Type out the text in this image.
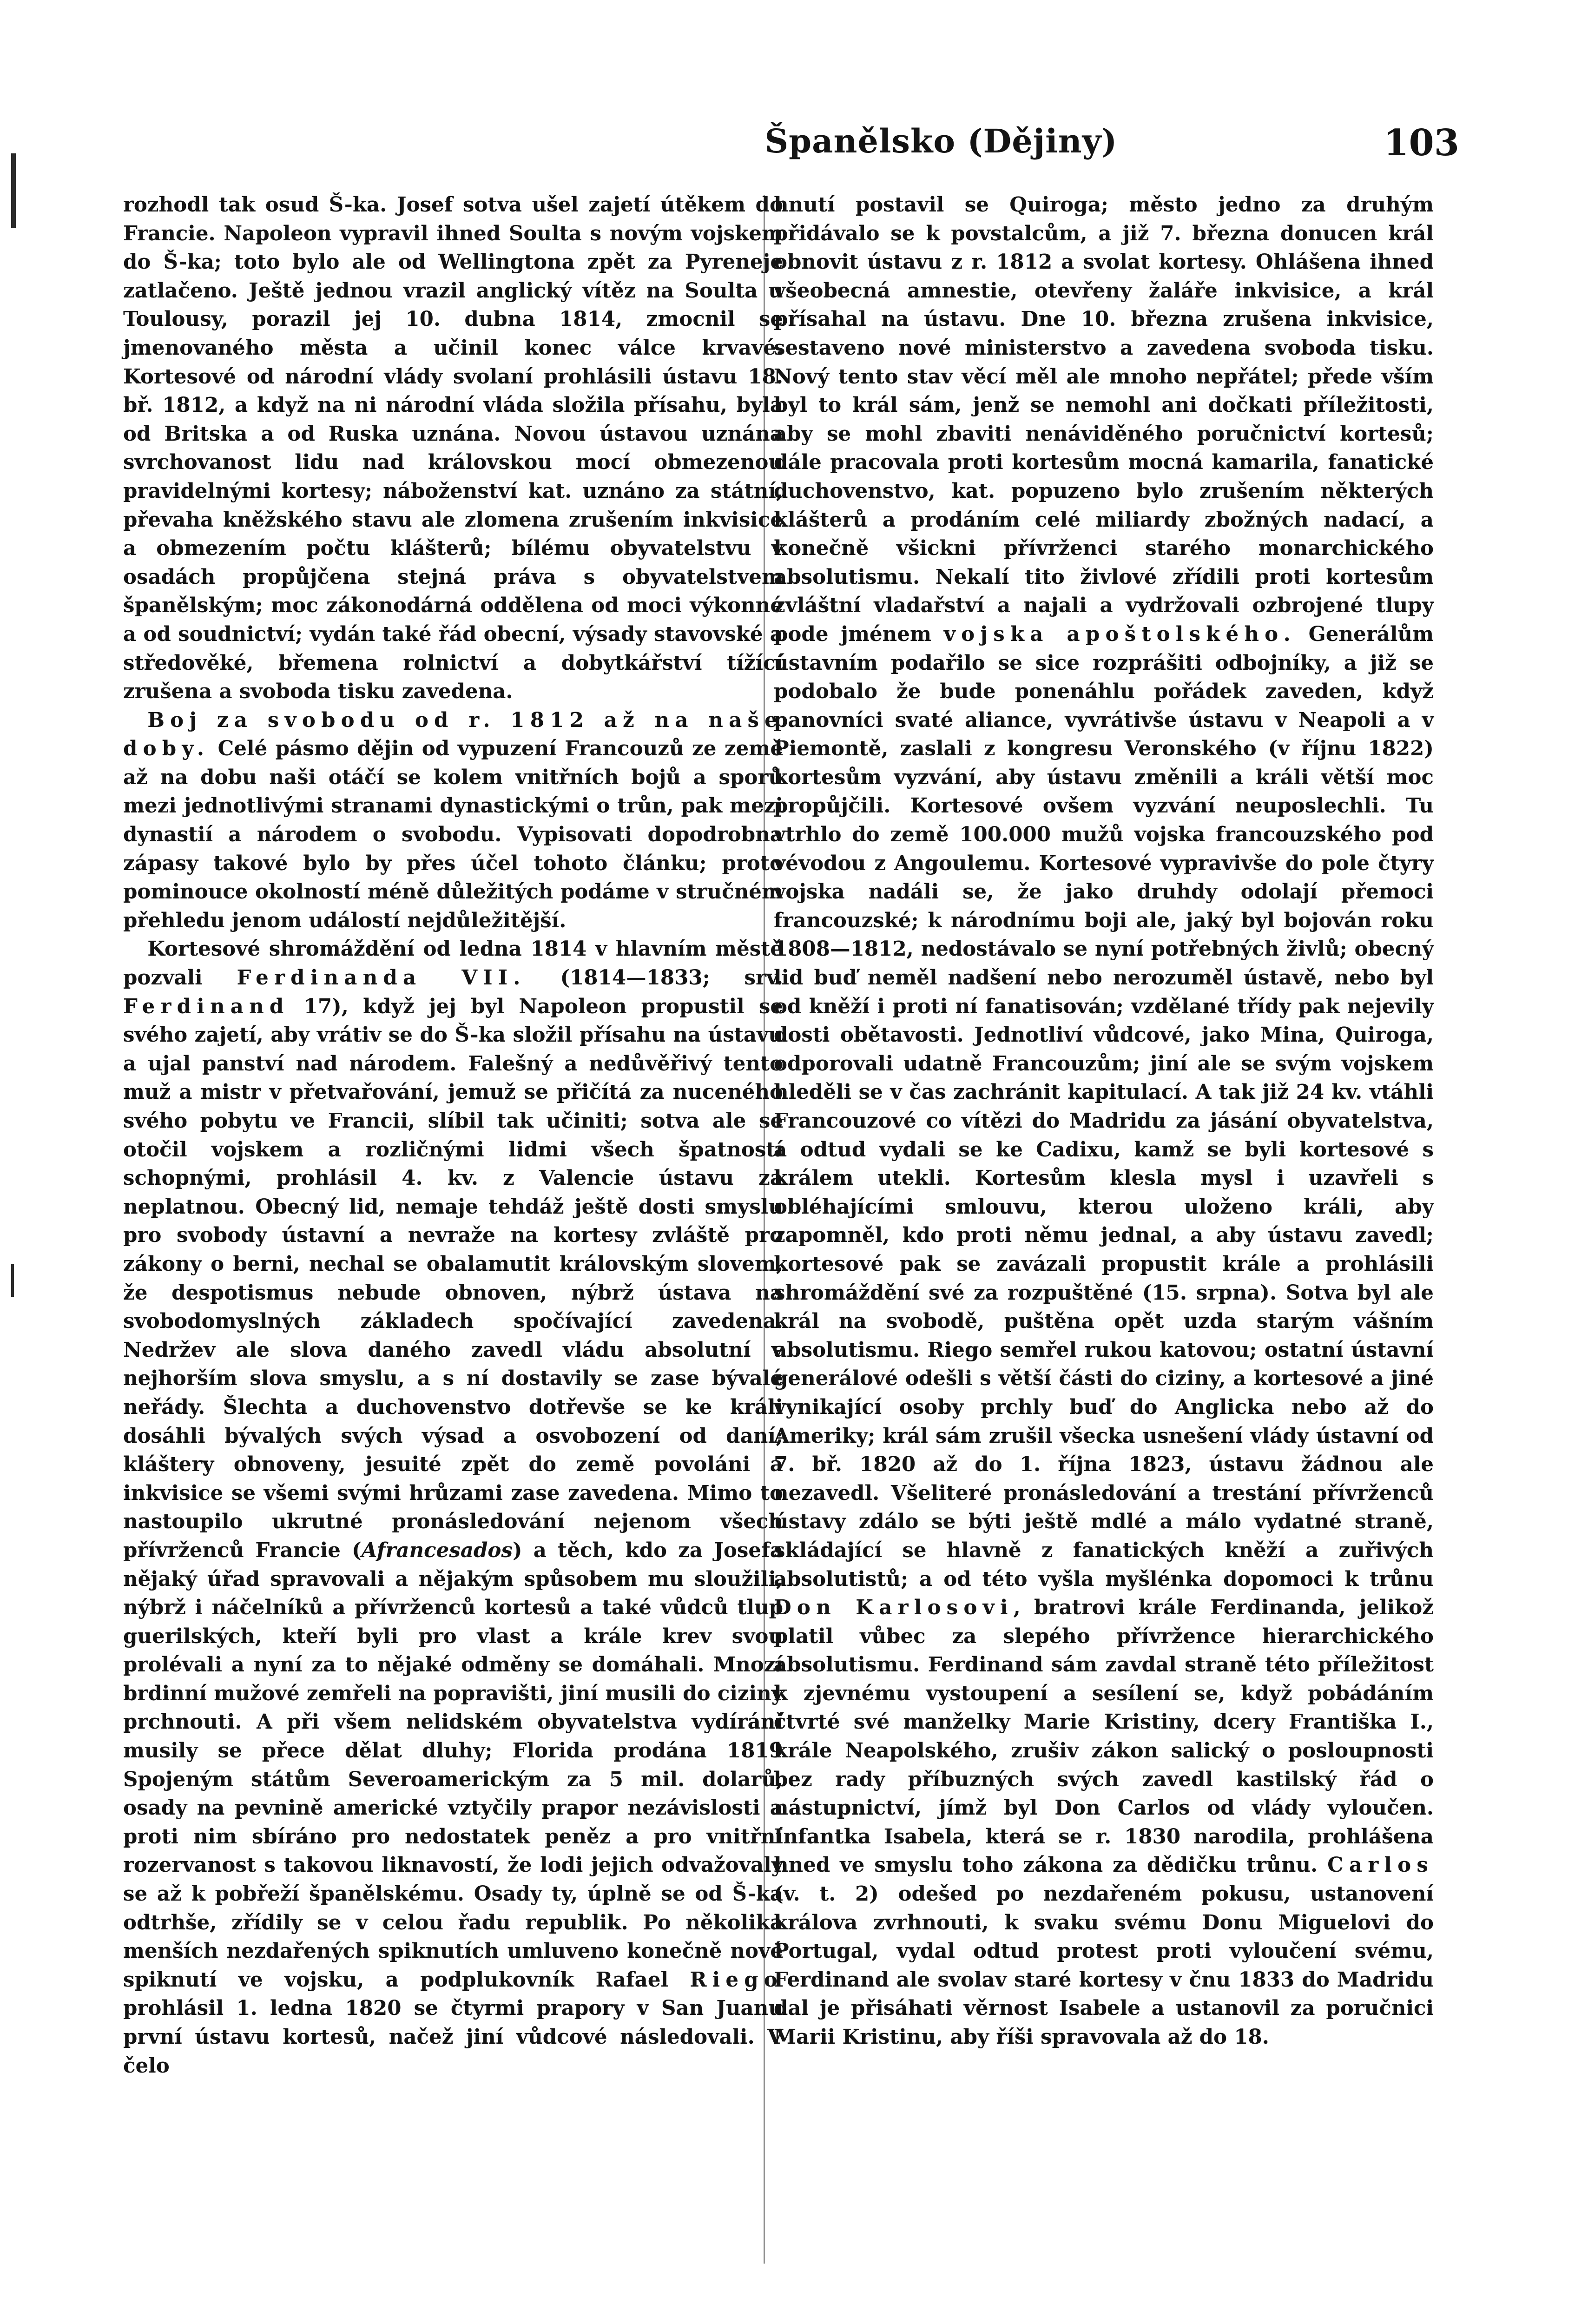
Španělsko (Dějiny)	103

rozhodl tak osud Š-ka. Josef sotva ušel zajetí útěkem do Francie. Napoleon vypravil ihned Soulta s novým vojskem do Š-ka; toto bylo ale od Wellingtona zpět za Pyreneje zatlačeno. Ještě jednou vrazil anglický vítěz na Soulta u Toulousy, porazil jej 10. dubna 1814, zmocnil se jmenovaného města a učinil konec válce krvavé. Kortesové od národní vlády svolaní prohlásili ústavu 18. bř. 1812, a když na ni národní vláda složila přísahu, byla od Britska a od Ruska uznána. Novou ústavou uznána svrchovanost lidu nad královskou mocí obmezenou pravidelnými kortesy; náboženství kat. uznáno za státní, převaha kněžského stavu ale zlomena zrušením inkvisice a obmezením počtu klášterů; bílému obyvatelstvu v osadách propůjčena stejná práva s obyvatelstvem španělským; moc zákonodárná oddělena od moci výkonné a od soudnictví; vydán také řád obecní, výsady stavovské a středověké, břemena rolnictví a dobytkářství tížící zrušena a svoboda tisku zavedena.

Boj za svobodu od r. 1812 až na naše doby. Celé pásmo dějin od vypuzení Francouzů ze země až na dobu naši otáčí se kolem vnitřních bojů a sporů mezi jednotlivými stranami dynastickými o trůn, pak mezi dynastií a národem o svobodu. Vypisovati dopodrobna zápasy takové bylo by přes účel tohoto článku; proto pominouce okolností méně důležitých podáme v stručném přehledu jenom událostí nejdůležitější.

Kortesové shromáždění od ledna 1814 v hlavním městě pozvali Ferdinanda VII. (1814—1833; srv. Ferdinand 17), když jej byl Napoleon propustil se svého zajetí, aby vrátiv se do Š-ka složil přísahu na ústavu a ujal panství nad národem. Falešný a nedůvěřivý tento muž a mistr v přetvařování, jemuž se přičítá za nuceného svého pobytu ve Francii, slíbil tak učiniti; sotva ale se otočil vojskem a rozličnými lidmi všech špatností schopnými, prohlásil 4. kv. z Valencie ústavu za neplatnou. Obecný lid, nemaje tehdáž ještě dosti smyslu pro svobody ústavní a nevraže na kortesy zvláště pro zákony o berni, nechal se obalamutit královským slovem, že despotismus nebude obnoven, nýbrž ústava na svobodomyslných základech spočívající zavedena. Nedržev ale slova daného zavedl vládu absolutní v nejhorším slova smyslu, a s ní dostavily se zase bývalé neřády. Šlechta a duchovenstvo dotřevše se ke králi dosáhli bývalých svých výsad a osvobození od daní; kláštery obnoveny, jesuité zpět do země povoláni a inkvisice se všemi svými hrůzami zase zavedena. Mimo to nastoupilo ukrutné pronásledování nejenom všech přívrženců Francie (Afrancesados) a těch, kdo za Josefa nějaký úřad spravovali a nějakým spůsobem mu sloužili, nýbrž i náčelníků a přívrženců kortesů a také vůdců tlup guerilských, kteří byli pro vlast a krále krev svou prolévali a nyní za to nějaké odměny se domáhali. Mnozí brdinní mužové zemřeli na popravišti, jiní musili do ciziny prchnouti. A při všem nelidském obyvatelstva vydírání musily se přece dělat dluhy; Florida prodána 1819 Spojeným státům Severoamerickým za 5 mil. dolarů, osady na pevnině americké vztyčily prapor nezávislosti a proti nim sbíráno pro nedostatek peněz a pro vnitřní rozervanost s takovou liknavostí, že lodi jejich odvažovaly se až k pobřeží španělskému. Osady ty, úplně se od Š-ka odtrhše, zřídily se v celou řadu republik. Po několika menších nezdařených spiknutích umluveno konečně nové spiknutí ve vojsku, a podplukovník Rafael Riego prohlásil 1. ledna 1820 se čtyrmi prapory v San Juanu první ústavu kortesů, načež jiní vůdcové následovali. V čelo

hnutí postavil se Quiroga; město jedno za druhým přidávalo se k povstalcům, a již 7. března donucen král obnovit ústavu z r. 1812 a svolat kortesy. Ohlášena ihned všeobecná amnestie, otevřeny žaláře inkvisice, a král přísahal na ústavu. Dne 10. března zrušena inkvisice, sestaveno nové ministerstvo a zavedena svoboda tisku. Nový tento stav věcí měl ale mnoho nepřátel; přede vším byl to král sám, jenž se nemohl ani dočkati příležitosti, aby se mohl zbaviti nenáviděného poručnictví kortesů; dále pracovala proti kortesům mocná kamarila, fanatické duchovenstvo, kat. popuzeno bylo zrušením některých klášterů a prodáním celé miliardy zbožných nadací, a konečně všickni přívrženci starého monarchického absolutismu. Nekalí tito živlové zřídili proti kortesům zvláštní vladařství a najali a vydržovali ozbrojené tlupy pode jménem vojska apoštolského. Generálům ústavním podařilo se sice rozprášiti odbojníky, a již se podobalo že bude ponenáhlu pořádek zaveden, když panovníci svaté aliance, vyvrátivše ústavu v Neapoli a v Piemontě, zaslali z kongresu Veronského (v říjnu 1822) kortesům vyzvání, aby ústavu změnili a králi větší moc propůjčili. Kortesové ovšem vyzvání neuposlechli. Tu vtrhlo do země 100.000 mužů vojska francouzského pod vévodou z Angoulemu. Kortesové vypravivše do pole čtyry vojska nadáli se, že jako druhdy odolají přemoci francouzské; k národnímu boji ale, jaký byl bojován roku 1808—1812, nedostávalo se nyní potřebných živlů; obecný lid buď neměl nadšení nebo nerozuměl ústavě, nebo byl od kněží i proti ní fanatisován; vzdělané třídy pak nejevily dosti obětavosti. Jednotliví vůdcové, jako Mina, Quiroga, odporovali udatně Francouzům; jiní ale se svým vojskem hleděli se v čas zachránit kapitulací. A tak již 24 kv. vtáhli Francouzové co vítězi do Madridu za jásání obyvatelstva, a odtud vydali se ke Cadixu, kamž se byli kortesové s králem utekli. Kortesům klesla mysl i uzavřeli s obléhajícími smlouvu, kterou uloženo králi, aby zapomněl, kdo proti němu jednal, a aby ústavu zavedl; kortesové pak se zavázali propustit krále a prohlásili shromáždění své za rozpuštěné (15. srpna). Sotva byl ale král na svobodě, puštěna opět uzda starým vášním absolutismu. Riego semřel rukou katovou; ostatní ústavní generálové odešli s větší části do ciziny, a kortesové a jiné vynikající osoby prchly buď do Anglicka nebo až do Ameriky; král sám zrušil všecka usnešení vlády ústavní od 7. bř. 1820 až do 1. října 1823, ústavu žádnou ale nezavedl. Všeliteré pronásledování a trestání přívrženců ústavy zdálo se býti ještě mdlé a málo vydatné straně, skládající se hlavně z fanatických kněží a zuřivých absolutistů; a od této vyšla myšlénka dopomoci k trůnu Don Karlosovi, bratrovi krále Ferdinanda, jelikož platil vůbec za slepého přívržence hierarchického absolutismu. Ferdinand sám zavdal straně této příležitost k zjevnému vystoupení a sesílení se, když pobádáním čtvrté své manželky Marie Kristiny, dcery Františka I., krále Neapolského, zrušiv zákon salický o posloupnosti bez rady příbuzných svých zavedl kastilský řád o nástupnictví, jímž byl Don Carlos od vlády vyloučen. Infantka Isabela, která se r. 1830 narodila, prohlášena hned ve smyslu toho zákona za dědičku trůnu. Carlos (v. t. 2) odešed po nezdařeném pokusu, ustanovení králova zvrhnouti, k svaku svému Donu Miguelovi do Portugal, vydal odtud protest proti vyloučení svému, Ferdinand ale svolav staré kortesy v čnu 1833 do Madridu dal je přisáhati věrnost Isabele a ustanovil za poručnici Marii Kristinu, aby říši spravovala až do 18.
